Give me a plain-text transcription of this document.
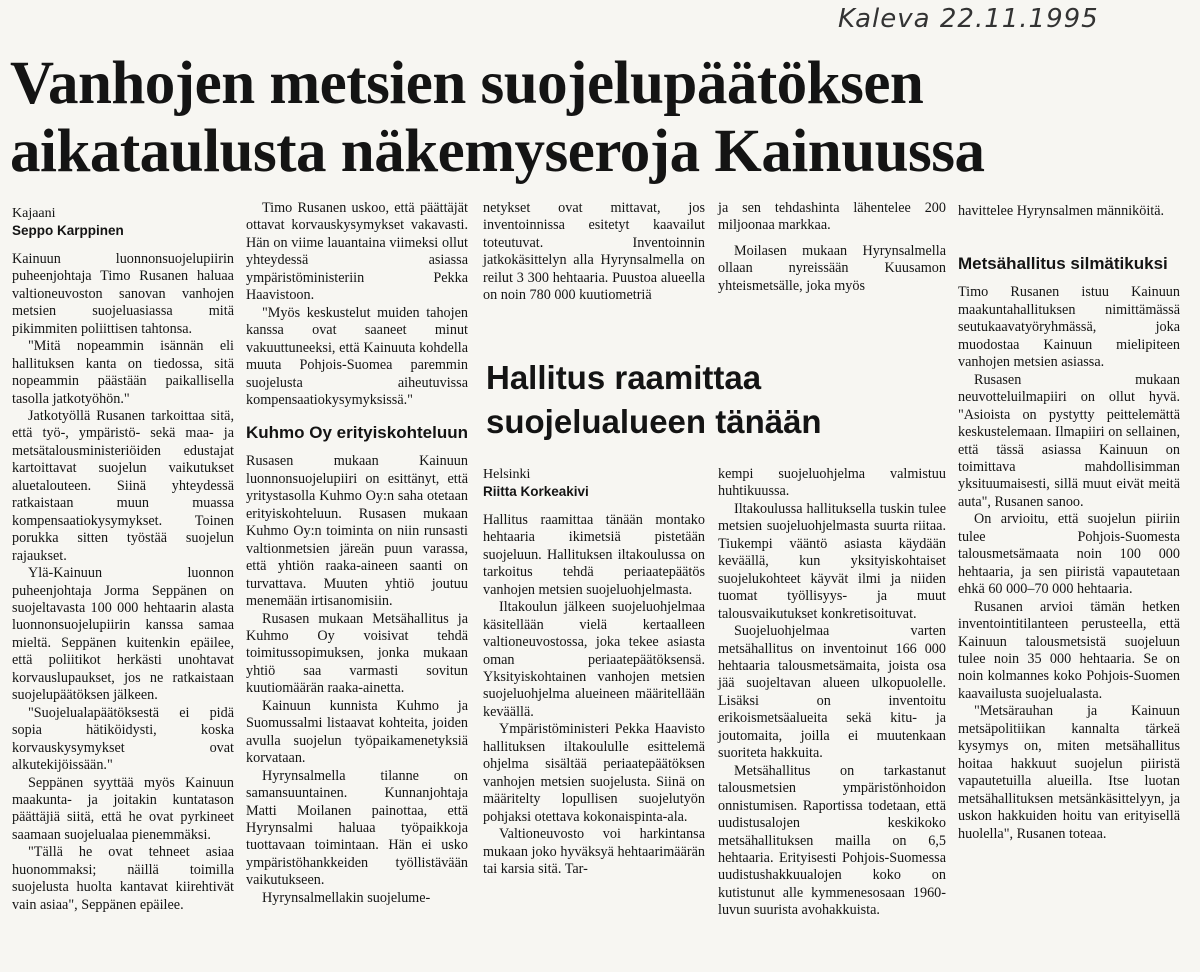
Kaleva 22.11.1995
Vanhojen metsien suojelupäätöksen
aikataulusta näkemyseroja Kainuussa
Kajaani
Seppo Karppinen

Kainuun luonnonsuojelupiirin puheenjohtaja Timo Rusanen haluaa valtioneuvoston sanovan vanhojen metsien suojeluasiassa mitä pikimmiten poliittisen tahtonsa.

"Mitä nopeammin isännän eli hallituksen kanta on tiedossa, sitä nopeammin päästään paikallisella tasolla jatkotyöhön."

Jatkotyöllä Rusanen tarkoittaa sitä, että työ-, ympäristö- sekä maa- ja metsätalousministeriöiden edustajat kartoittavat suojelun vaikutukset aluetalouteen. Siinä yhteydessä ratkaistaan muun muassa kompensaatiokysymykset. Toinen porukka sitten työstää suojelun rajaukset.

Ylä-Kainuun luonnon puheenjohtaja Jorma Seppänen on suojeltavasta 100 000 hehtaarin alasta luonnonsuojelupiirin kanssa samaa mieltä. Seppänen kuitenkin epäilee, että poliitikot herkästi unohtavat korvauslupaukset, jos ne ratkaistaan suojelupäätöksen jälkeen.

"Suojelualapäätöksestä ei pidä sopia hätiköidysti, koska korvauskysymykset ovat alkutekijöissään."

Seppänen syyttää myös Kainuun maakunta- ja joitakin kuntatason päättäjiä siitä, että he ovat pyrkineet saamaan suojelualaa pienemmäksi.

"Tällä he ovat tehneet asiaa huonommaksi; näillä toimilla suojelusta huolta kantavat kiirehtivät vain asiaa", Seppänen epäilee.

Timo Rusanen uskoo, että päättäjät ottavat korvauskysymykset vakavasti. Hän on viime lauantaina viimeksi ollut yhteydessä asiassa ympäristöministeriin Pekka Haavistoon.

"Myös keskustelut muiden tahojen kanssa ovat saaneet minut vakuuttuneeksi, että Kainuuta kohdella muuta Pohjois-Suomea paremmin suojelusta aiheutuvissa kompensaatiokysymyksissä."

Kuhmo Oy erityiskohteluun

Rusasen mukaan Kainuun luonnonsuojelupiiri on esittänyt, että yritystasolla Kuhmo Oy:n saha otetaan erityiskohteluun. Rusasen mukaan Kuhmo Oy:n toiminta on niin runsasti valtionmetsien järeän puun varassa, että yhtiön raaka-aineen saanti on turvattava. Muuten yhtiö joutuu menemään irtisanomisiin.

Rusasen mukaan Metsähallitus ja Kuhmo Oy voisivat tehdä toimitussopimuksen, jonka mukaan yhtiö saa varmasti sovitun kuutiomäärän raaka-ainetta.

Kainuun kunnista Kuhmo ja Suomussalmi listaavat kohteita, joiden avulla suojelun työpaikamenetyksiä korvataan.

Hyrynsalmella tilanne on samansuuntainen. Kunnanjohtaja Matti Moilanen painottaa, että Hyrynsalmi haluaa työpaikkoja tuottavaan toimintaan. Hän ei usko ympäristöhankkeiden työllistävään vaikutukseen.

Hyrynsalmellakin suojelume-

netykset ovat mittavat, jos inventoinnissa esitetyt kaavailut toteutuvat. Inventoinnin jatkokäsittelyn alla Hyrynsalmella on reilut 3 300 hehtaaria. Puustoa alueella on noin 780 000 kuutiometriä

ja sen tehdashinta lähentelee 200 miljoonaa markkaa.

Moilasen mukaan Hyrynsalmella ollaan nyreissään Kuusamon yhteismetsälle, joka myös

Hallitus raamittaa
suojelualueen tänään
Helsinki
Riitta Korkeakivi

Hallitus raamittaa tänään montako hehtaaria ikimetsiä pistetään suojeluun. Hallituksen iltakoulussa on tarkoitus tehdä periaatepäätös vanhojen metsien suojeluohjelmasta.

Iltakoulun jälkeen suojeluohjelmaa käsitellään vielä kertaalleen valtioneuvostossa, joka tekee asiasta oman periaatepäätöksensä. Yksityiskohtainen vanhojen metsien suojeluohjelma alueineen määritellään keväällä.

Ympäristöministeri Pekka Haavisto hallituksen iltakoululle esittelemä ohjelma sisältää periaatepäätöksen vanhojen metsien suojelusta. Siinä on määritelty lopullisen suojelutyön pohjaksi otettava kokonaispinta-ala.

Valtioneuvosto voi harkintansa mukaan joko hyväksyä hehtaarimäärän tai karsia sitä. Tar-

kempi suojeluohjelma valmistuu huhtikuussa.

Iltakoulussa hallituksella tuskin tulee metsien suojeluohjelmasta suurta riitaa. Tiukempi vääntö asiasta käydään keväällä, kun yksityiskohtaiset suojelukohteet käyvät ilmi ja niiden tuomat työllisyys- ja muut talousvaikutukset konkretisoituvat.

Suojeluohjelmaa varten metsähallitus on inventoinut 166 000 hehtaaria talousmetsämaita, joista osa jää suojeltavan alueen ulkopuolelle. Lisäksi on inventoitu erikoismetsäalueita sekä kitu- ja joutomaita, joilla ei muutenkaan suoriteta hakkuita.

Metsähallitus on tarkastanut talousmetsien ympäristönhoidon onnistumisen. Raportissa todetaan, että uudistusalojen keskikoko metsähallituksen mailla on 6,5 hehtaaria. Erityisesti Pohjois-Suomessa uudistushakkuualojen koko on kutistunut alle kymmenesosaan 1960-luvun suurista avohakkuista.

havittelee Hyrynsalmen männiköitä.

Metsähallitus silmätikuksi

Timo Rusanen istuu Kainuun maakuntahallituksen nimittämässä seutukaavatyöryhmässä, joka muodostaa Kainuun mielipiteen vanhojen metsien asiassa.

Rusasen mukaan neuvotteluilmapiiri on ollut hyvä. "Asioista on pystytty peittelemättä keskustelemaan. Ilmapiiri on sellainen, että tässä asiassa Kainuun on toimittava mahdollisimman yksituumaisesti, sillä muut eivät meitä auta", Rusanen sanoo.

On arvioitu, että suojelun piiriin tulee Pohjois-Suomesta talousmetsämaata noin 100 000 hehtaaria, ja sen piiristä vapautetaan ehkä 60 000–70 000 hehtaaria.

Rusanen arvioi tämän hetken inventointitilanteen perusteella, että Kainuun talousmetsistä suojeluun tulee noin 35 000 hehtaaria. Se on noin kolmannes koko Pohjois-Suomen kaavailusta suojelualasta.

"Metsärauhan ja Kainuun metsäpolitiikan kannalta tärkeä kysymys on, miten metsähallitus hoitaa hakkuut suojelun piiristä vapautetuilla alueilla. Itse luotan metsähallituksen metsänkäsittelyyn, ja uskon hakkuiden hoitu van erityisellä huolella", Rusanen toteaa.
